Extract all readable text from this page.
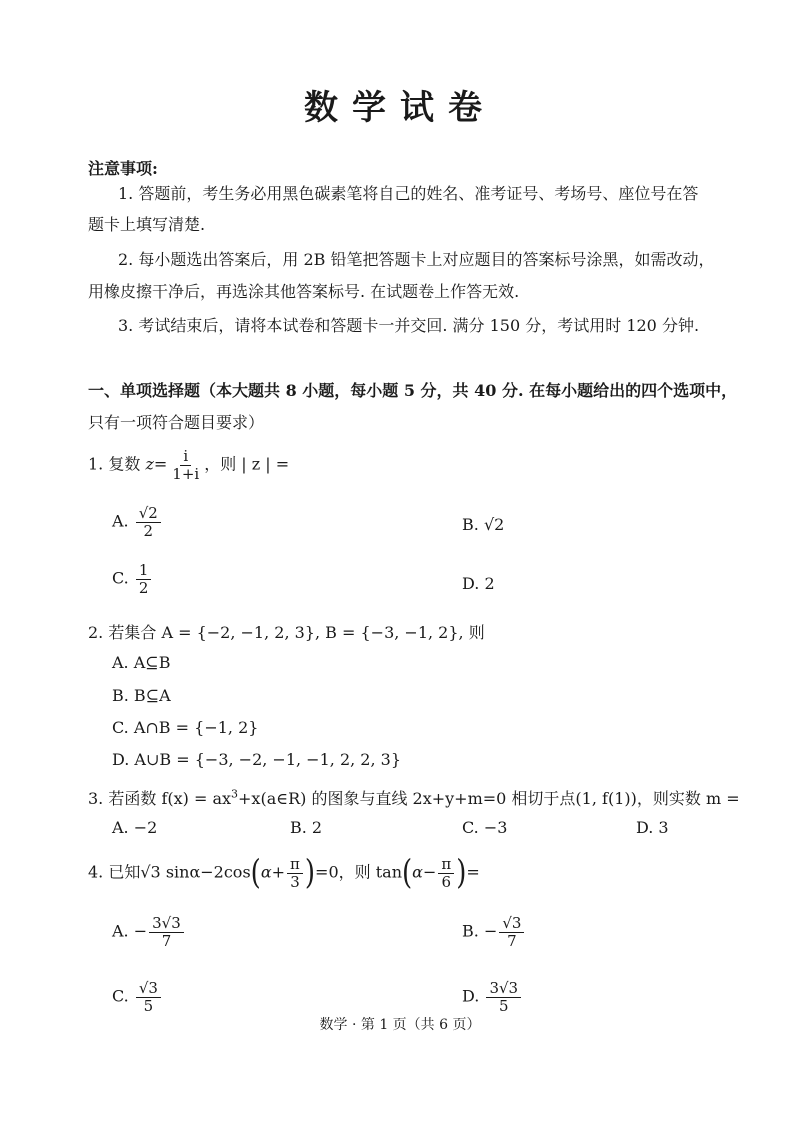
数学试卷
注意事项:
1. 答题前，考生务必用黑色碳素笔将自己的姓名、准考证号、考场号、座位号在答
题卡上填写清楚.
2. 每小题选出答案后，用 2B 铅笔把答题卡上对应题目的答案标号涂黑，如需改动，
用橡皮擦干净后，再选涂其他答案标号. 在试题卷上作答无效.
3. 考试结束后，请将本试卷和答题卡一并交回. 满分 150 分，考试用时 120 分钟.
一、单项选择题（本大题共 8 小题，每小题 5 分，共 40 分. 在每小题给出的四个选项中，
只有一项符合题目要求）
1. 复数 $z= \frac{i}{1+i}$ ，则 | z | =
A. $\frac{√2}{2}$	B. √2
C. $\frac{1}{2}$	D. 2
2. 若集合 A = {−2, −1, 2, 3}, B = {−3, −1, 2}, 则
A. A⊆B
B. B⊆A
C. A∩B = {−1, 2}
D. A∪B = {−3, −2, −1, −1, 2, 2, 3}
3. 若函数 $f(x) = ax^3+x(a\in R)$ 的图象与直线 2x+y+m=0 相切于点(1, f(1))，则实数 m =
A. −2	B. 2	C. −3	D. 3
4. 已知√3 $\sin\alpha-2\cos(\alpha+ \frac{\pi}{3} )=0$，则 $\tan(\alpha- \frac{\pi}{6}$ )=
A. − $\frac{3√3}{7}$	B. − $\frac{√3}{7}$
C. $\frac{√3}{5}$	D. $\frac{3√3}{5}$
数学 · 第 1 页（共 6 页）
